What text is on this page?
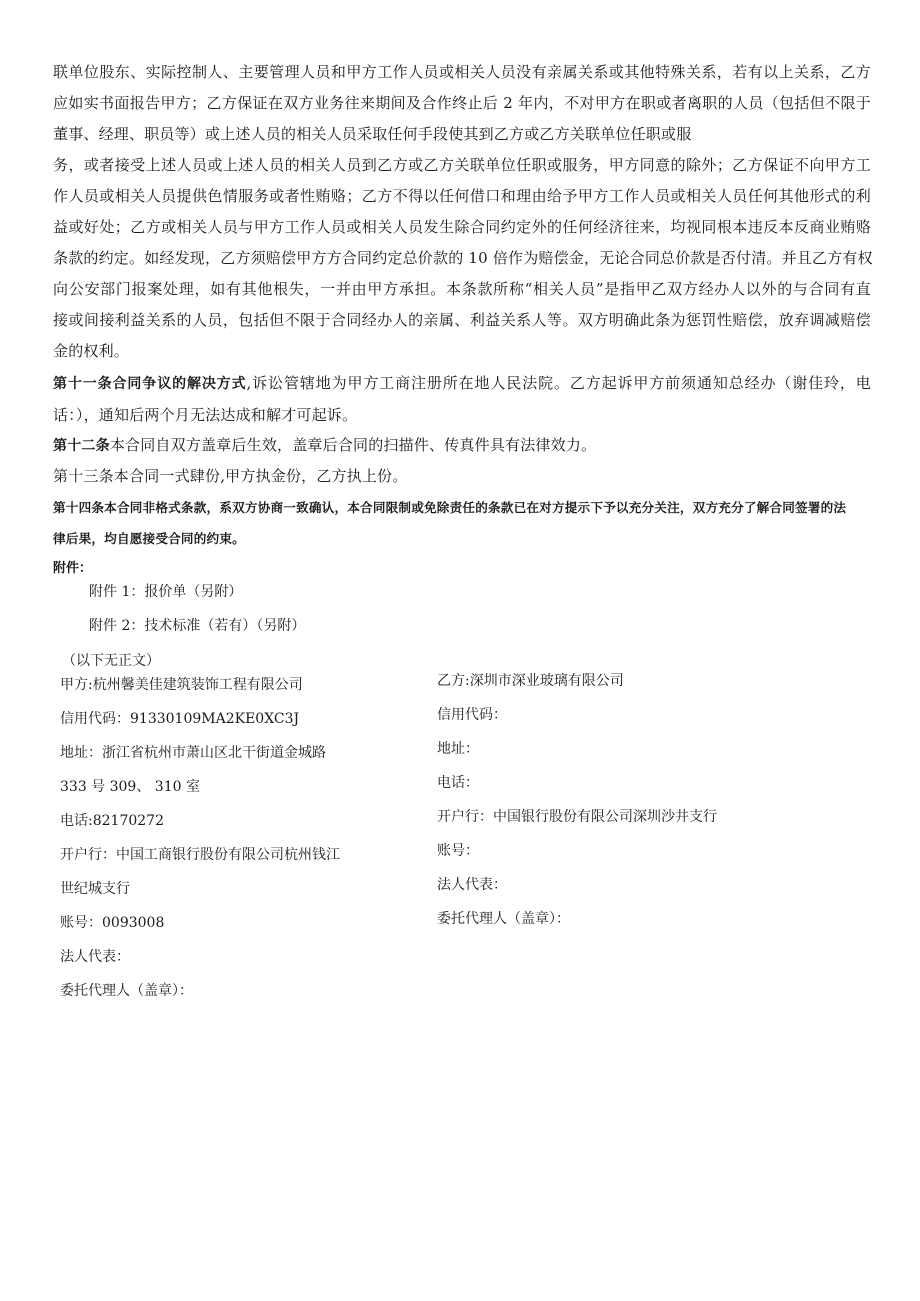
联单位股东、实际控制人、主要管理人员和甲方工作人员或相关人员没有亲属关系或其他特殊关系，若有以上关系，乙方
应如实书面报告甲方；乙方保证在双方业务往来期间及合作终止后 2 年内，不对甲方在职或者离职的人员（包括但不限于
董事、经理、职员等）或上述人员的相关人员采取任何手段使其到乙方或乙方关联单位任职或服
务，或者接受上述人员或上述人员的相关人员到乙方或乙方关联单位任职或服务，甲方同意的除外；乙方保证不向甲方工
作人员或相关人员提供色情服务或者性贿赂；乙方不得以任何借口和理由给予甲方工作人员或相关人员任何其他形式的利
益或好处；乙方或相关人员与甲方工作人员或相关人员发生除合同约定外的任何经济往来，均视同根本违反本反商业贿赂
条款的约定。如经发现，乙方须赔偿甲方方合同约定总价款的 10 倍作为赔偿金，无论合同总价款是否付清。并且乙方有权
向公安部门报案处理，如有其他根失，一并由甲方承担。本条款所称“相关人员”是指甲乙双方经办人以外的与合同有直
接或间接利益关系的人员，包括但不限于合同经办人的亲属、利益关系人等。双方明确此条为惩罚性赔偿，放弃调减赔偿
金的权利。
第十一条合同争议的解决方式,诉讼管辖地为甲方工商注册所在地人民法院。乙方起诉甲方前须通知总经办（谢佳玲，电
话：），通知后两个月无法达成和解才可起诉。
第十二条本合同自双方盖章后生效，盖章后合同的扫描件、传真件具有法律效力。
第十三条本合同一式肆份,甲方执金份，乙方执上份。
第十四条本合同非格式条款，系双方协商一致确认，本合同限制或免除责任的条款已在对方提示下予以充分关注，双方充分了解合同签署的法
律后果，均自愿接受合同的约束。
附件：
附件 1：报价单（另附）
附件 2：技术标准（若有）（另附）
（以下无正文）
甲方:杭州馨美佳建筑装饰工程有限公司
信用代码：91330109MA2KE0XC3J
地址：浙江省杭州市萧山区北干街道金城路
333 号 309、 310 室
电话:82170272
开户行：中国工商银行股份有限公司杭州钱江
世纪城支行
账号：0093008
法人代表：
委托代理人（盖章）：
乙方:深圳市深业玻璃有限公司
信用代码：
地址：
电话：
开户行：中国银行股份有限公司深圳沙井支行
账号：
法人代表：
委托代理人（盖章）：
